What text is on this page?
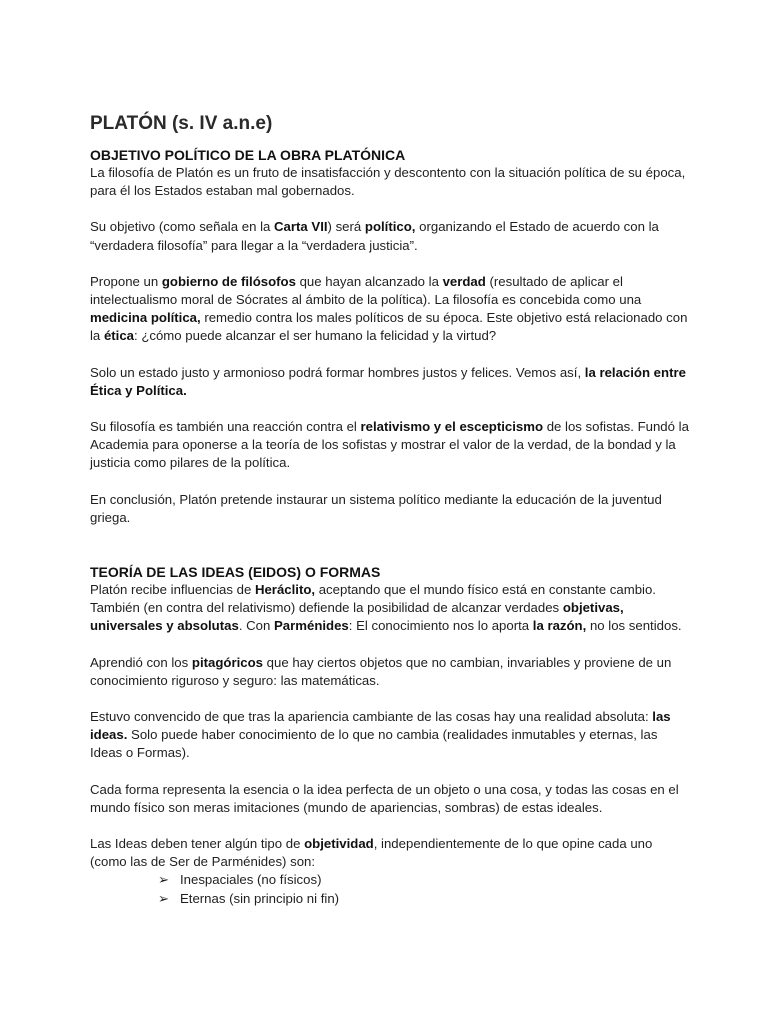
PLATÓN (s. IV a.n.e)
OBJETIVO POLÍTICO DE LA OBRA PLATÓNICA

La filosofía de Platón es un fruto de insatisfacción y descontento con la situación política de su época, para él los Estados estaban mal gobernados.

Su objetivo (como señala en la Carta VII) será político, organizando el Estado de acuerdo con la “verdadera filosofía” para llegar a la “verdadera justicia”.

Propone un gobierno de filósofos que hayan alcanzado la verdad (resultado de aplicar el intelectualismo moral de Sócrates al ámbito de la política). La filosofía es concebida como una medicina política, remedio contra los males políticos de su época. Este objetivo está relacionado con la ética: ¿cómo puede alcanzar el ser humano la felicidad y la virtud?

Solo un estado justo y armonioso podrá formar hombres justos y felices. Vemos así, la relación entre Ética y Política.

Su filosofía es también una reacción contra el relativismo y el escepticismo de los sofistas. Fundó la Academia para oponerse a la teoría de los sofistas y mostrar el valor de la verdad, de la bondad y la justicia como pilares de la política.

En conclusión, Platón pretende instaurar un sistema político mediante la educación de la juventud griega.

TEORÍA DE LAS IDEAS (EIDOS) O FORMAS

Platón recibe influencias de Heráclito, aceptando que el mundo físico está en constante cambio. También (en contra del relativismo) defiende la posibilidad de alcanzar verdades objetivas, universales y absolutas. Con Parménides: El conocimiento nos lo aporta la razón, no los sentidos.

Aprendió con los pitagóricos que hay ciertos objetos que no cambian, invariables y proviene de un conocimiento riguroso y seguro: las matemáticas.

Estuvo convencido de que tras la apariencia cambiante de las cosas hay una realidad absoluta: las ideas. Solo puede haber conocimiento de lo que no cambia (realidades inmutables y eternas, las Ideas o Formas).

Cada forma representa la esencia o la idea perfecta de un objeto o una cosa, y todas las cosas en el mundo físico son meras imitaciones (mundo de apariencias, sombras) de estas ideales.

Las Ideas deben tener algún tipo de objetividad, independientemente de lo que opine cada uno (como las de Ser de Parménides) son:

➢ Inespaciales (no físicos)
➢ Eternas (sin principio ni fin)
